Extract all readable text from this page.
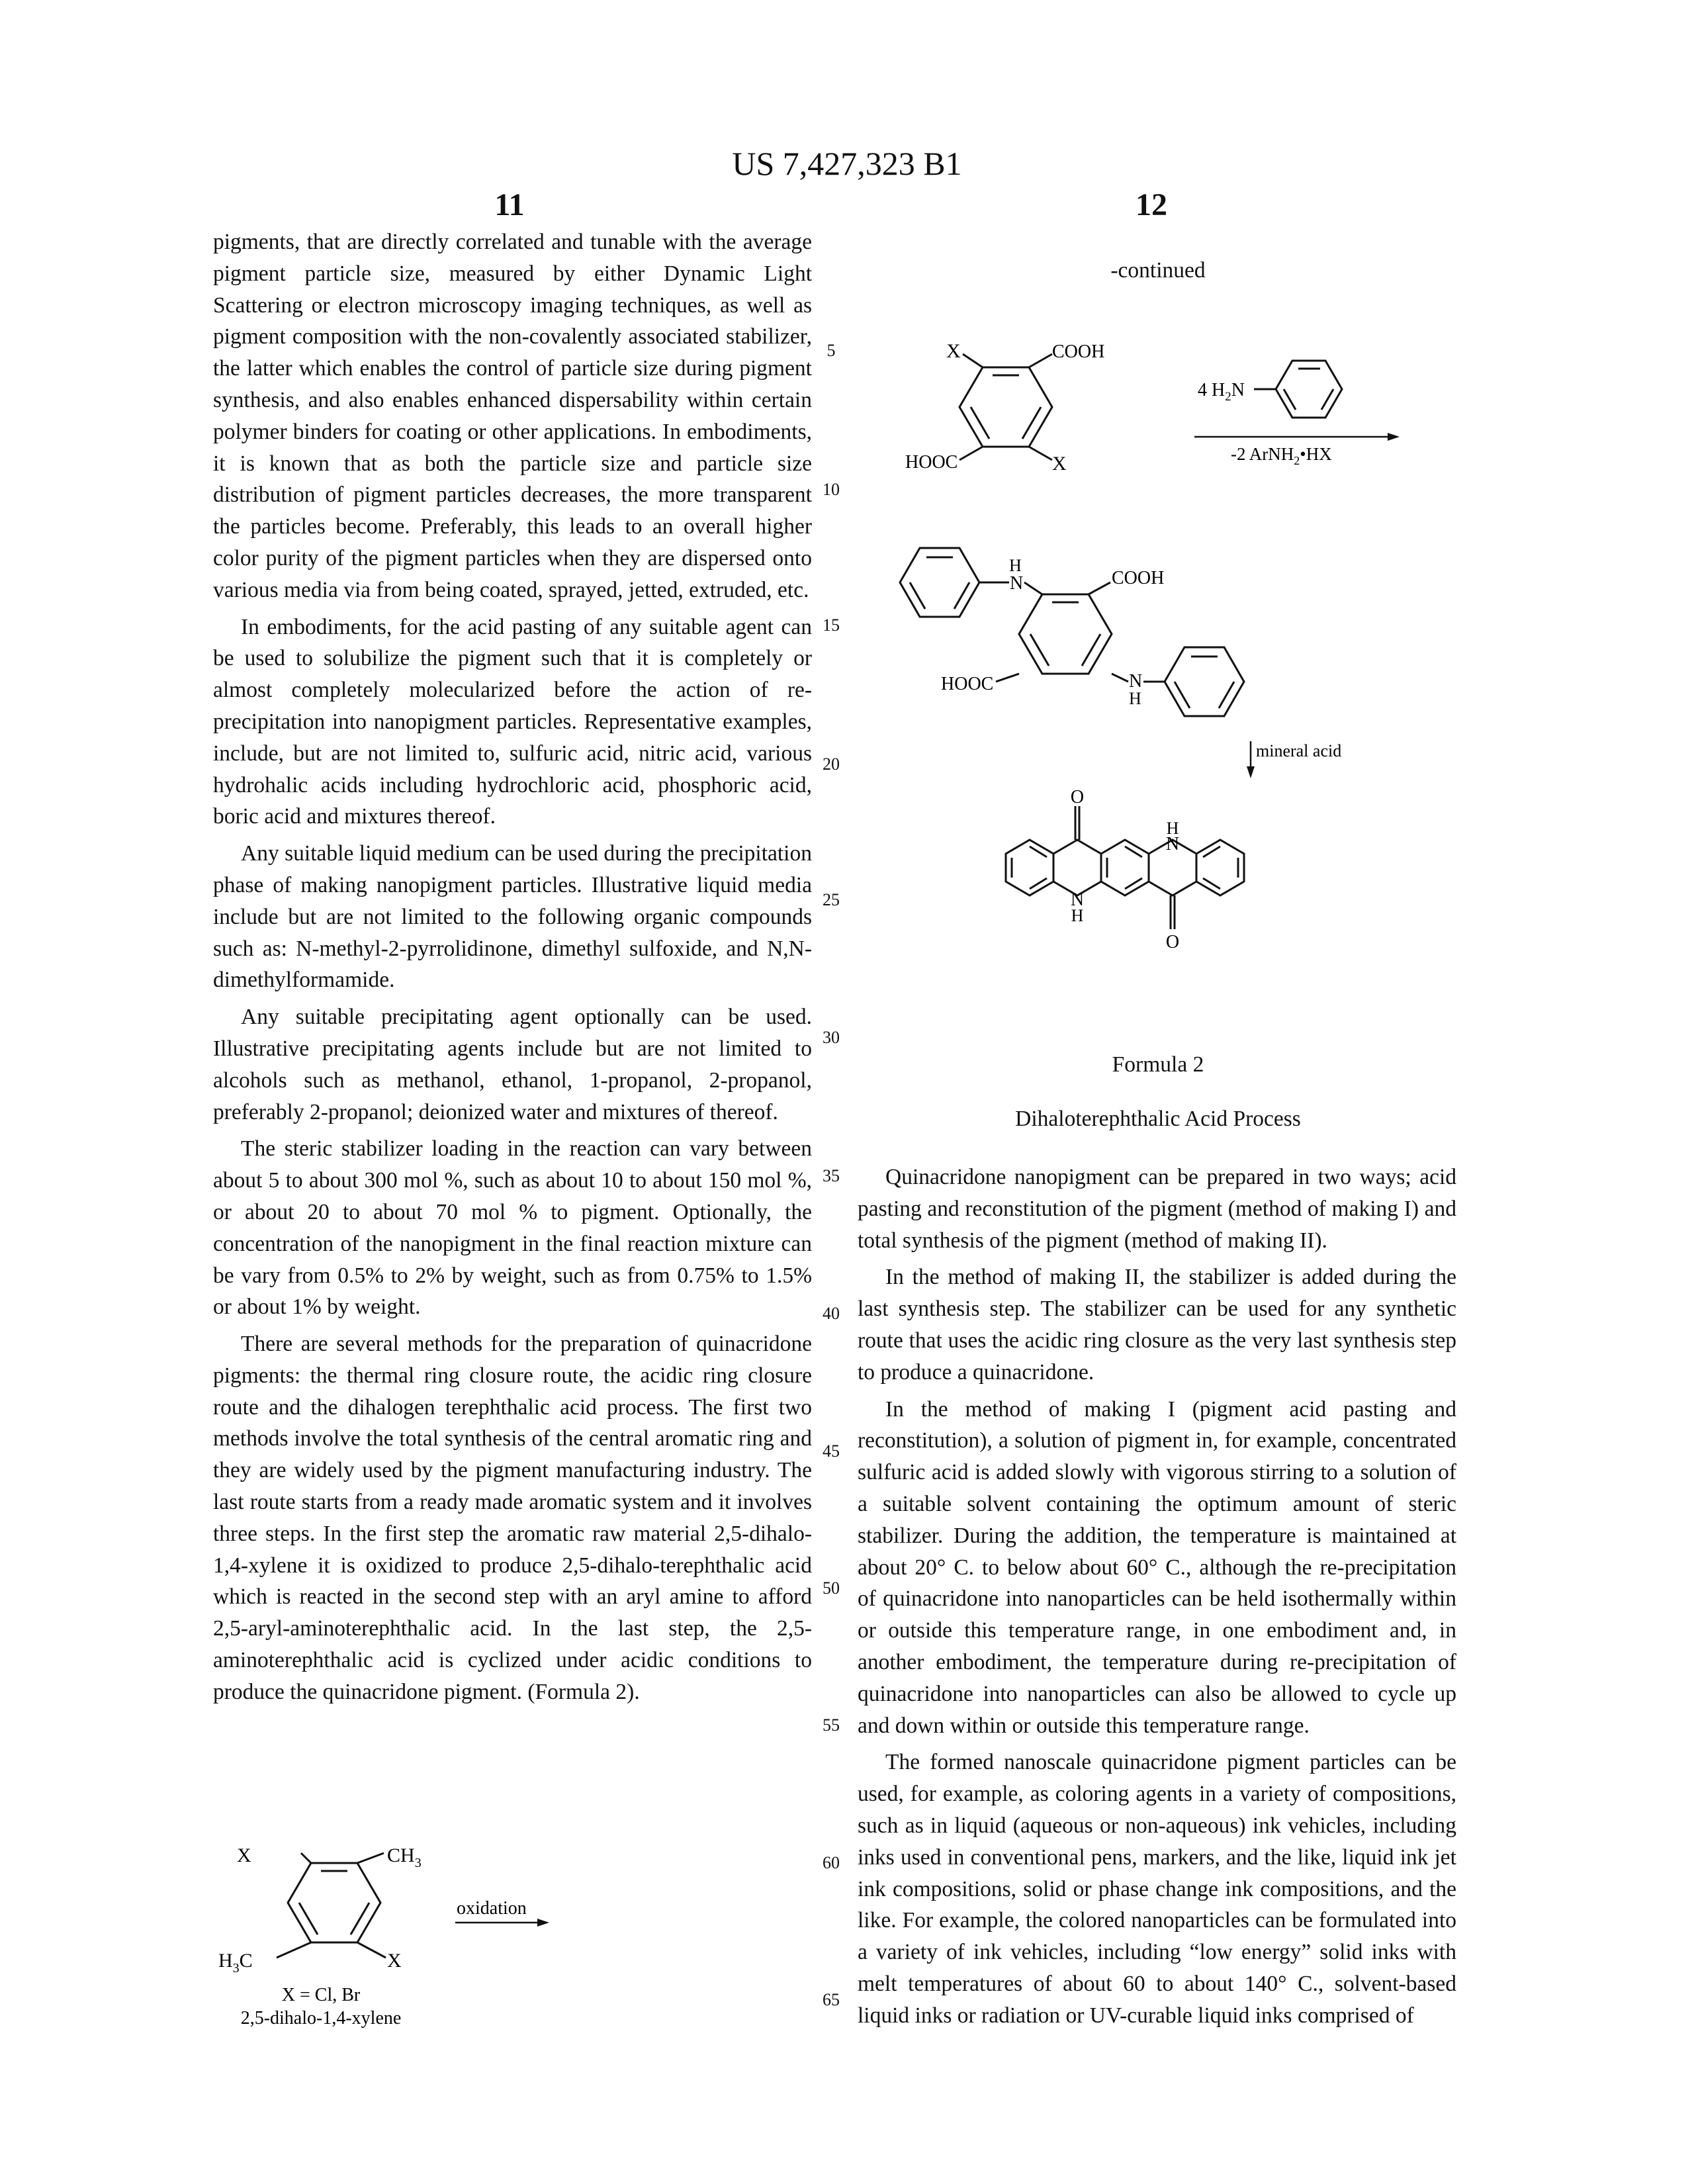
US 7,427,323 B1
11	12

pigments, that are directly correlated and tunable with the average pigment particle size, measured by either Dynamic Light Scattering or electron microscopy imaging techniques, as well as pigment composition with the non-covalently associated stabilizer, the latter which enables the control of particle size during pigment synthesis, and also enables enhanced dispersability within certain polymer binders for coating or other applications. In embodiments, it is known that as both the particle size and particle size distribution of pigment particles decreases, the more transparent the particles become. Preferably, this leads to an overall higher color purity of the pigment particles when they are dispersed onto various media via from being coated, sprayed, jetted, extruded, etc.

In embodiments, for the acid pasting of any suitable agent can be used to solubilize the pigment such that it is completely or almost completely molecularized before the action of re-precipitation into nanopigment particles. Representative examples, include, but are not limited to, sulfuric acid, nitric acid, various hydrohalic acids including hydrochloric acid, phosphoric acid, boric acid and mixtures thereof.

Any suitable liquid medium can be used during the precipitation phase of making nanopigment particles. Illustrative liquid media include but are not limited to the following organic compounds such as: N-methyl-2-pyrrolidinone, dimethyl sulfoxide, and N,N-dimethylformamide.

Any suitable precipitating agent optionally can be used. Illustrative precipitating agents include but are not limited to alcohols such as methanol, ethanol, 1-propanol, 2-propanol, preferably 2-propanol; deionized water and mixtures of thereof.

The steric stabilizer loading in the reaction can vary between about 5 to about 300 mol %, such as about 10 to about 150 mol %, or about 20 to about 70 mol % to pigment. Optionally, the concentration of the nanopigment in the final reaction mixture can be vary from 0.5% to 2% by weight, such as from 0.75% to 1.5% or about 1% by weight.

There are several methods for the preparation of quinacridone pigments: the thermal ring closure route, the acidic ring closure route and the dihalogen terephthalic acid process. The first two methods involve the total synthesis of the central aromatic ring and they are widely used by the pigment manufacturing industry. The last route starts from a ready made aromatic system and it involves three steps. In the first step the aromatic raw material 2,5-dihalo-1,4-xylene it is oxidized to produce 2,5-dihalo-terephthalic acid which is reacted in the second step with an aryl amine to afford 2,5-aryl-aminoterephthalic acid. In the last step, the 2,5-aminoterephthalic acid is cyclized under acidic conditions to produce the quinacridone pigment. (Formula 2).

5
10
15
20
25
30
35
40
45
50
55
60
65
X	CH3
H3C	X
oxidation
X = Cl, Br
2,5-dihalo-1,4-xylene
-continued
X	COOH
HOOC	X
4 H2N
-2 ArNH2•HX
H
N	COOH
HOOC	N
H
mineral acid
O
H
N
N
H
O
Formula 2
Dihaloterephthalic Acid Process

Quinacridone nanopigment can be prepared in two ways; acid pasting and reconstitution of the pigment (method of making I) and total synthesis of the pigment (method of making II).

In the method of making II, the stabilizer is added during the last synthesis step. The stabilizer can be used for any synthetic route that uses the acidic ring closure as the very last synthesis step to produce a quinacridone.

In the method of making I (pigment acid pasting and reconstitution), a solution of pigment in, for example, concentrated sulfuric acid is added slowly with vigorous stirring to a solution of a suitable solvent containing the optimum amount of steric stabilizer. During the addition, the temperature is maintained at about 20° C. to below about 60° C., although the re-precipitation of quinacridone into nanoparticles can be held isothermally within or outside this temperature range, in one embodiment and, in another embodiment, the temperature during re-precipitation of quinacridone into nanoparticles can also be allowed to cycle up and down within or outside this temperature range.

The formed nanoscale quinacridone pigment particles can be used, for example, as coloring agents in a variety of compositions, such as in liquid (aqueous or non-aqueous) ink vehicles, including inks used in conventional pens, markers, and the like, liquid ink jet ink compositions, solid or phase change ink compositions, and the like. For example, the colored nanoparticles can be formulated into a variety of ink vehicles, including “low energy” solid inks with melt temperatures of about 60 to about 140° C., solvent-based liquid inks or radiation or UV-curable liquid inks comprised of
